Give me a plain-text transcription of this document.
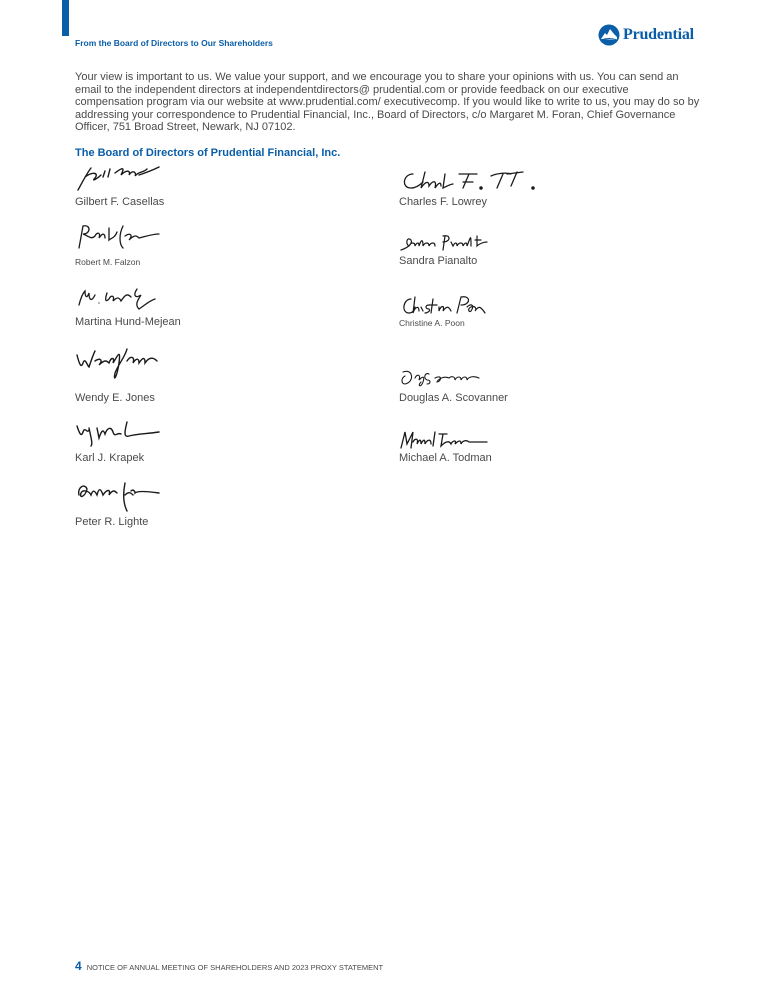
From the Board of Directors to Our Shareholders	Prudential
Your view is important to us. We value your support, and we encourage you to share your opinions with us. You can send an email to the independent directors at independentdirectors@ prudential.com or provide feedback on our executive compensation program via our website at www.prudential.com/ executivecomp. If you would like to write to us, you may do so by addressing your correspondence to Prudential Financial, Inc., Board of Directors, c/o Margaret M. Foran, Chief Governance Officer, 751 Broad Street, Newark, NJ 07102.
The Board of Directors of Prudential Financial, Inc.
Gilbert F. Casellas
Robert M. Falzon
Martina Hund-Mejean
Wendy E. Jones
Karl J. Krapek
Peter R. Lighte
Charles F. Lowrey
Sandra Pianalto
Christine A. Poon
Douglas A. Scovanner
Michael A. Todman
4 NOTICE OF ANNUAL MEETING OF SHAREHOLDERS AND 2023 PROXY STATEMENT
